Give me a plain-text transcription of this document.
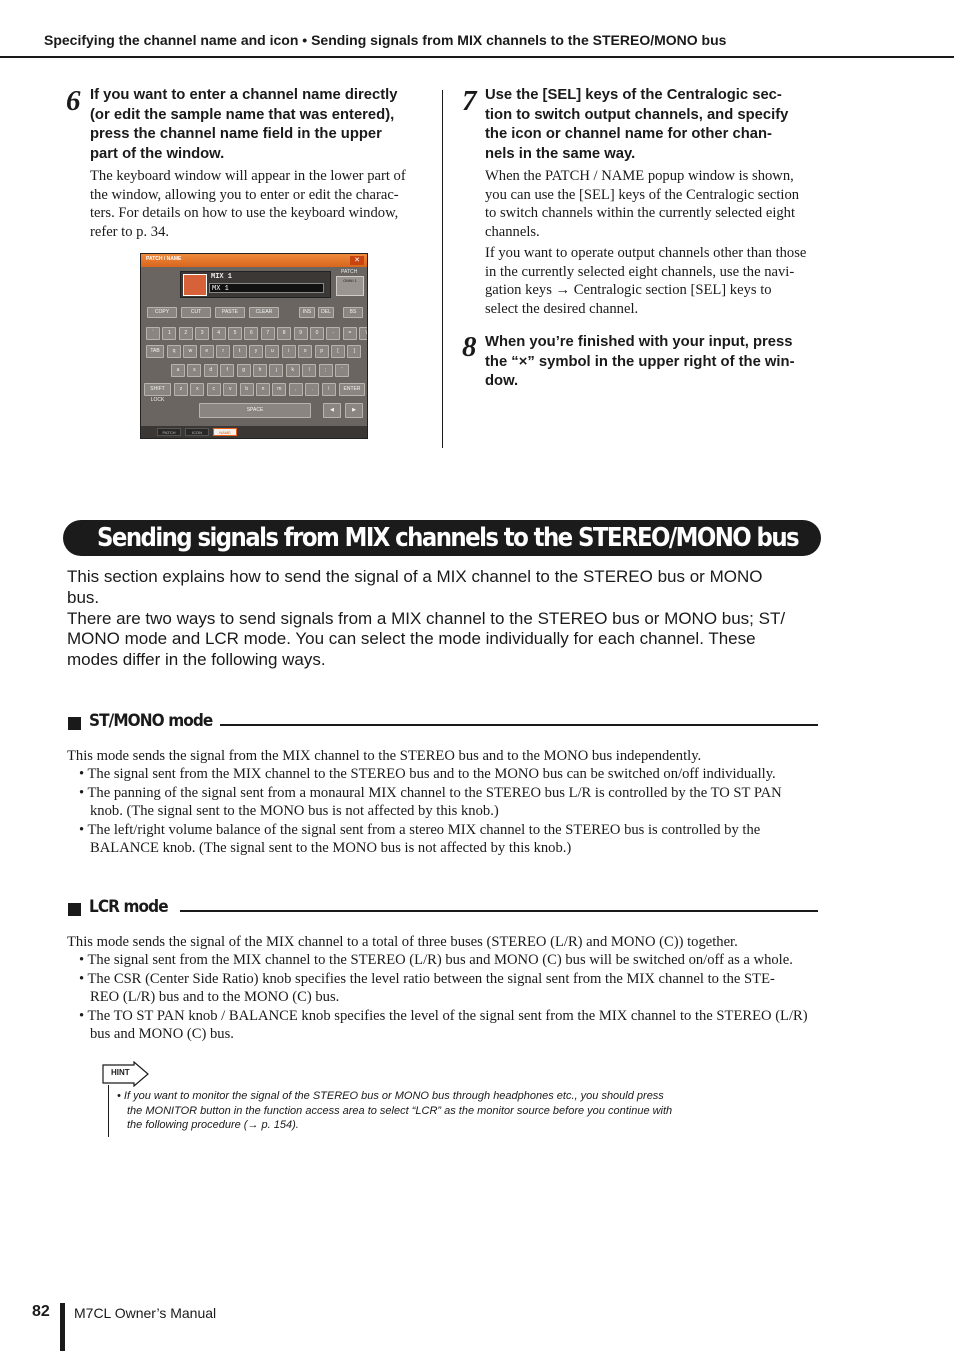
Specifying the channel name and icon • Sending signals from MIX channels to the STEREO/MONO bus
6 If you want to enter a channel name directly
(or edit the sample name that was entered),
press the channel name field in the upper
part of the window.
The keyboard window will appear in the lower part of
the window, allowing you to enter or edit the charac-
ters. For details on how to use the keyboard window,
refer to p. 34.
PATCH / NAME	✕
MIX 1
MX 1
PATCH
OMNI 1
COPY	CUT	PASTE	CLEAR	INS	DEL	BS
`	1	2	3	4	5	6	7	8	9	0	-	=	\
TAB	q	w	e	r	t	y	u	i	o	p	[	]
a	s	d	f	g	h	j	k	l	;	'
SHIFT LOCK
z	x	c	v	b	n	m	,	.	/	ENTER
SPACE	◀	▶
PATCH	ICON	NAME
7 Use the [SEL] keys of the Centralogic sec-
tion to switch output channels, and specify
the icon or channel name for other chan-
nels in the same way.
When the PATCH / NAME popup window is shown,
you can use the [SEL] keys of the Centralogic section
to switch channels within the currently selected eight
channels.
If you want to operate output channels other than those
in the currently selected eight channels, use the navi-
gation keys → Centralogic section [SEL] keys to
select the desired channel.
8 When you’re finished with your input, press
the “×” symbol in the upper right of the win-
dow.
Sending signals from MIX channels to the STEREO/MONO bus
This section explains how to send the signal of a MIX channel to the STEREO bus or MONO
bus.
There are two ways to send signals from a MIX channel to the STEREO bus or MONO bus; ST/
MONO mode and LCR mode. You can select the mode individually for each channel. These
modes differ in the following ways.
ST/MONO mode
This mode sends the signal from the MIX channel to the STEREO bus and to the MONO bus independently.
• The signal sent from the MIX channel to the STEREO bus and to the MONO bus can be switched on/off individually.
• The panning of the signal sent from a monaural MIX channel to the STEREO bus L/R is controlled by the TO ST PAN
knob. (The signal sent to the MONO bus is not affected by this knob.)
• The left/right volume balance of the signal sent from a stereo MIX channel to the STEREO bus is controlled by the
BALANCE knob. (The signal sent to the MONO bus is not affected by this knob.)
LCR mode
This mode sends the signal of the MIX channel to a total of three buses (STEREO (L/R) and MONO (C)) together.
• The signal sent from the MIX channel to the STEREO (L/R) bus and MONO (C) bus will be switched on/off as a whole.
• The CSR (Center Side Ratio) knob specifies the level ratio between the signal sent from the MIX channel to the STE-
REO (L/R) bus and to the MONO (C) bus.
• The TO ST PAN knob / BALANCE knob specifies the level of the signal sent from the MIX channel to the STEREO (L/R)
bus and MONO (C) bus.
HINT
• If you want to monitor the signal of the STEREO bus or MONO bus through headphones etc., you should press
the MONITOR button in the function access area to select “LCR” as the monitor source before you continue with
the following procedure (→ p. 154).
82 M7CL Owner’s Manual
